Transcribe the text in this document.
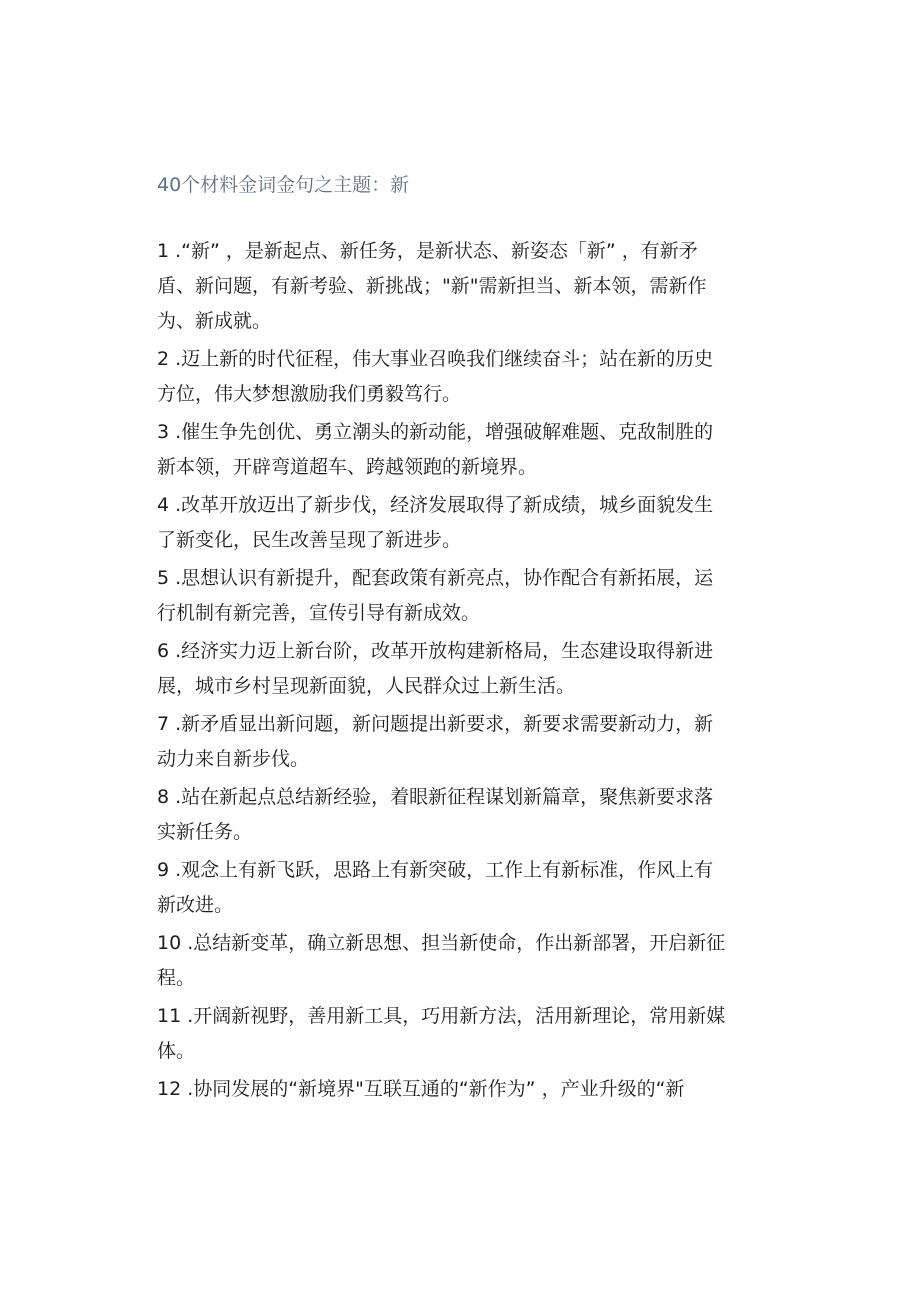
40个材料金词金句之主题：新
1 .“新” ，是新起点、新任务，是新状态、新姿态「新” ，有新矛
盾、新问题，有新考验、新挑战；"新"需新担当、新本领，需新作
为、新成就。
2 .迈上新的时代征程，伟大事业召唤我们继续奋斗；站在新的历史
方位，伟大梦想激励我们勇毅笃行。
3 .催生争先创优、勇立潮头的新动能，增强破解难题、克敌制胜的
新本领，开辟弯道超车、跨越领跑的新境界。
4 .改革开放迈出了新步伐，经济发展取得了新成绩，城乡面貌发生
了新变化，民生改善呈现了新进步。
5 .思想认识有新提升，配套政策有新亮点，协作配合有新拓展，运
行机制有新完善，宣传引导有新成效。
6 .经济实力迈上新台阶，改革开放构建新格局，生态建设取得新进
展，城市乡村呈现新面貌，人民群众过上新生活。
7 .新矛盾显出新问题，新问题提出新要求，新要求需要新动力，新
动力来自新步伐。
8 .站在新起点总结新经验，着眼新征程谋划新篇章，聚焦新要求落
实新任务。
9 .观念上有新飞跃，思路上有新突破，工作上有新标准，作风上有
新改进。
10 .总结新变革，确立新思想、担当新使命，作出新部署，开启新征
程。
11 .开阔新视野，善用新工具，巧用新方法，活用新理论，常用新媒
体。
12 .协同发展的“新境界"互联互通的“新作为” ，产业升级的“新
